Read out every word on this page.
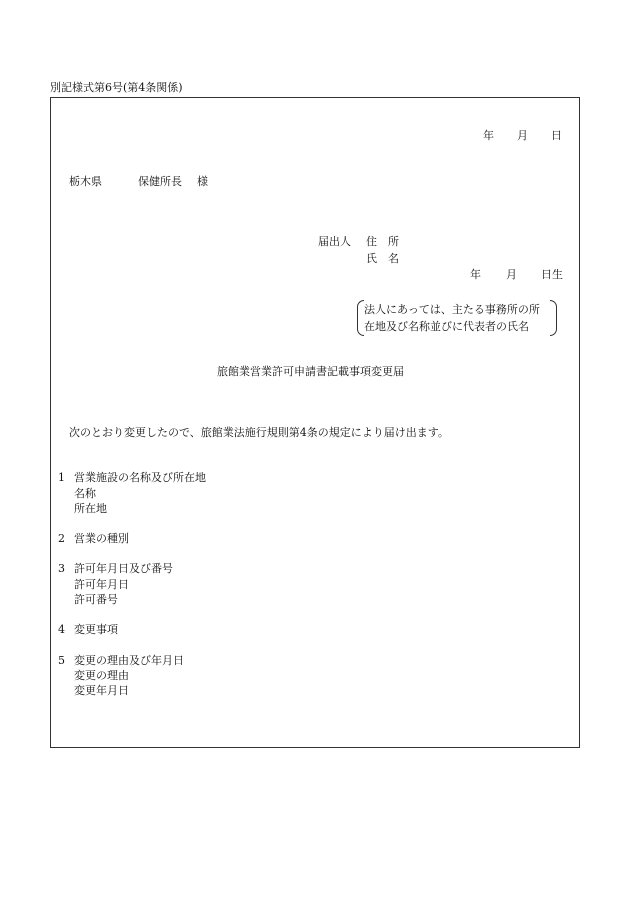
別記様式第6号(第4条関係)
年 月 日
栃木県	保健所長 様
届出人 住　所
氏　名
年 月 日生
法人にあっては、主たる事務所の所
在地及び名称並びに代表者の氏名
旅館業営業許可申請書記載事項変更届
次のとおり変更したので、旅館業法施行規則第4条の規定により届け出ます。
1 営業施設の名称及び所在地
名称
所在地
2 営業の種別
3 許可年月日及び番号
許可年月日
許可番号
4 変更事項
5 変更の理由及び年月日
変更の理由
変更年月日
